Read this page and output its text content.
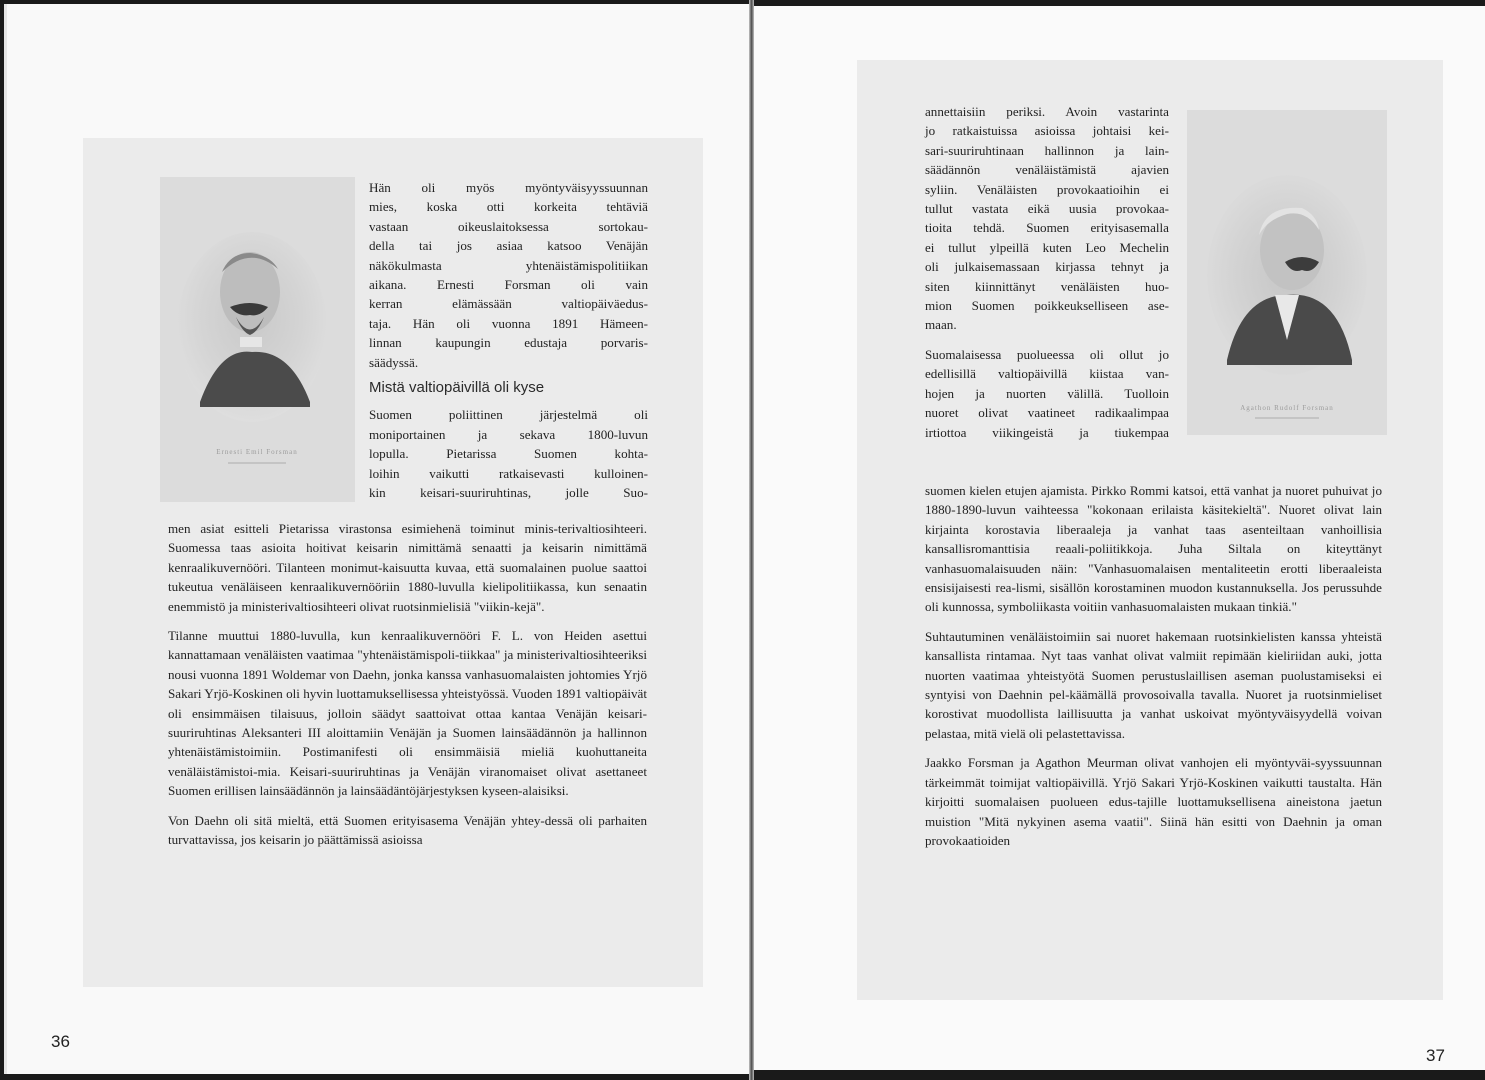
Ernesti Emil Forsman

Hän oli myös myöntyväisyyssuunnan

mies, koska otti korkeita tehtäviä

vastaan oikeuslaitoksessa sortokau-

della tai jos asiaa katsoo Venäjän

näkökulmasta yhtenäistämispolitiikan

aikana. Ernesti Forsman oli vain

kerran elämässään valtiopäiväedus-

taja. Hän oli vuonna 1891 Hämeen-

linnan kaupungin edustaja porvaris-

säädyssä.

Mistä valtiopäivillä oli kyse

Suomen poliittinen järjestelmä oli

moniportainen ja sekava 1800-luvun

lopulla. Pietarissa Suomen kohta-

loihin vaikutti ratkaisevasti kulloinen-

kin keisari-suuriruhtinas, jolle Suo-

men asiat esitteli Pietarissa virastonsa esimiehenä toiminut minis-terivaltiosihteeri. Suomessa taas asioita hoitivat keisarin nimittämä senaatti ja keisarin nimittämä kenraalikuvernööri. Tilanteen monimut-kaisuutta kuvaa, että suomalainen puolue saattoi tukeutua venäläiseen kenraalikuvernööriin 1880-luvulla kielipolitiikassa, kun senaatin enemmistö ja ministerivaltiosihteeri olivat ruotsinmielisiä "viikin-kejä".

Tilanne muuttui 1880-luvulla, kun kenraalikuvernööri F. L. von Heiden asettui kannattamaan venäläisten vaatimaa "yhtenäistämispoli-tiikkaa" ja ministerivaltiosihteeriksi nousi vuonna 1891 Woldemar von Daehn, jonka kanssa vanhasuomalaisten johtomies Yrjö Sakari Yrjö-Koskinen oli hyvin luottamuksellisessa yhteistyössä. Vuoden 1891 valtiopäivät oli ensimmäisen tilaisuus, jolloin säädyt saattoivat ottaa kantaa Venäjän keisari-suuriruhtinas Aleksanteri III aloittamiin Venäjän ja Suomen lainsäädännön ja hallinnon yhtenäistämistoimiin. Postimanifesti oli ensimmäisiä mieliä kuohuttaneita venäläistämistoi-mia. Keisari-suuriruhtinas ja Venäjän viranomaiset olivat asettaneet Suomen erillisen lainsäädännön ja lainsäädäntöjärjestyksen kyseen-alaisiksi.

Von Daehn oli sitä mieltä, että Suomen erityisasema Venäjän yhtey-dessä oli parhaiten turvattavissa, jos keisarin jo päättämissä asioissa

36
Agathon Rudolf Forsman

annettaisiin periksi. Avoin vastarinta

jo ratkaistuissa asioissa johtaisi kei-

sari-suuriruhtinaan hallinnon ja lain-

säädännön venäläistämistä ajavien

syliin. Venäläisten provokaatioihin ei

tullut vastata eikä uusia provokaa-

tioita tehdä. Suomen erityisasemalla

ei tullut ylpeillä kuten Leo Mechelin

oli julkaisemassaan kirjassa tehnyt ja

siten kiinnittänyt venäläisten huo-

mion Suomen poikkeukselliseen ase-

maan.

Suomalaisessa puolueessa oli ollut jo

edellisillä valtiopäivillä kiistaa van-

hojen ja nuorten välillä. Tuolloin

nuoret olivat vaatineet radikaalimpaa

irtiottoa viikingeistä ja tiukempaa

suomen kielen etujen ajamista. Pirkko Rommi katsoi, että vanhat ja nuoret puhuivat jo 1880-1890-luvun vaihteessa "kokonaan erilaista käsitekieltä". Nuoret olivat lain kirjainta korostavia liberaaleja ja vanhat taas asenteiltaan vanhoillisia kansallisromanttisia reaali-poliitikkoja. Juha Siltala on kiteyttänyt vanhasuomalaisuuden näin: "Vanhasuomalaisen mentaliteetin erotti liberaaleista ensisijaisesti rea-lismi, sisällön korostaminen muodon kustannuksella. Jos perussuhde oli kunnossa, symboliikasta voitiin vanhasuomalaisten mukaan tinkiä."

Suhtautuminen venäläistoimiin sai nuoret hakemaan ruotsinkielisten kanssa yhteistä kansallista rintamaa. Nyt taas vanhat olivat valmiit repimään kieliriidan auki, jotta nuorten vaatimaa yhteistyötä Suomen perustuslaillisen aseman puolustamiseksi ei syntyisi von Daehnin pel-käämällä provosoivalla tavalla. Nuoret ja ruotsinmieliset korostivat muodollista laillisuutta ja vanhat uskoivat myöntyväisyydellä voivan pelastaa, mitä vielä oli pelastettavissa.

Jaakko Forsman ja Agathon Meurman olivat vanhojen eli myöntyväi-syyssuunnan tärkeimmät toimijat valtiopäivillä. Yrjö Sakari Yrjö-Koskinen vaikutti taustalta. Hän kirjoitti suomalaisen puolueen edus-tajille luottamuksellisena aineistona jaetun muistion "Mitä nykyinen asema vaatii". Siinä hän esitti von Daehnin ja oman provokaatioiden

37
